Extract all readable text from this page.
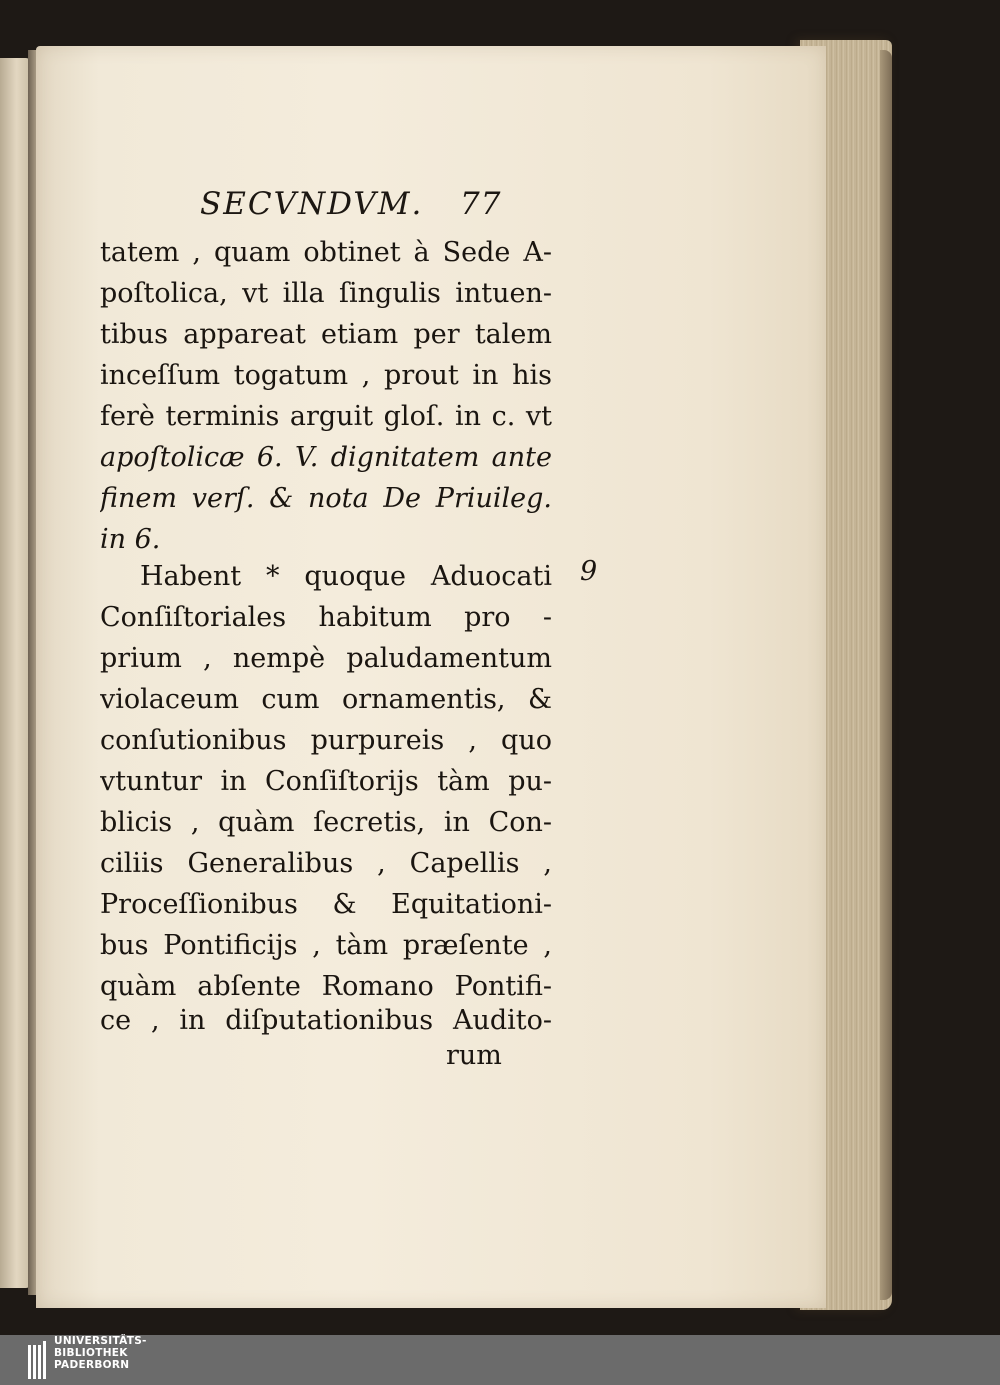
SECVNDVM. 77
tatem , quam obtinet à Sede A-
poſtolica, vt illa ſingulis intuen-
tibus appareat etiam per talem
inceſſum togatum , prout in his
ferè terminis arguit gloſ. in c. vt
apoſtolicæ 6. V. dignitatem ante
finem verſ. & nota De Priuileg.
in 6.
Habent * quoque Aduocati
Conſiſtoriales habitum pro -
prium , nempè paludamentum
violaceum cum ornamentis, &
conſutionibus purpureis , quo
vtuntur in Conſiſtorijs tàm pu-
blicis , quàm ſecretis, in Con-
ciliis Generalibus , Capellis ,
Proceſſionibus & Equitationi-
bus Pontificijs , tàm præſente ,
quàm abſente Romano Pontifi-
ce , in diſputationibus Audito-
rum
9
UNIVERSITÄTS-
BIBLIOTHEK
PADERBORN
